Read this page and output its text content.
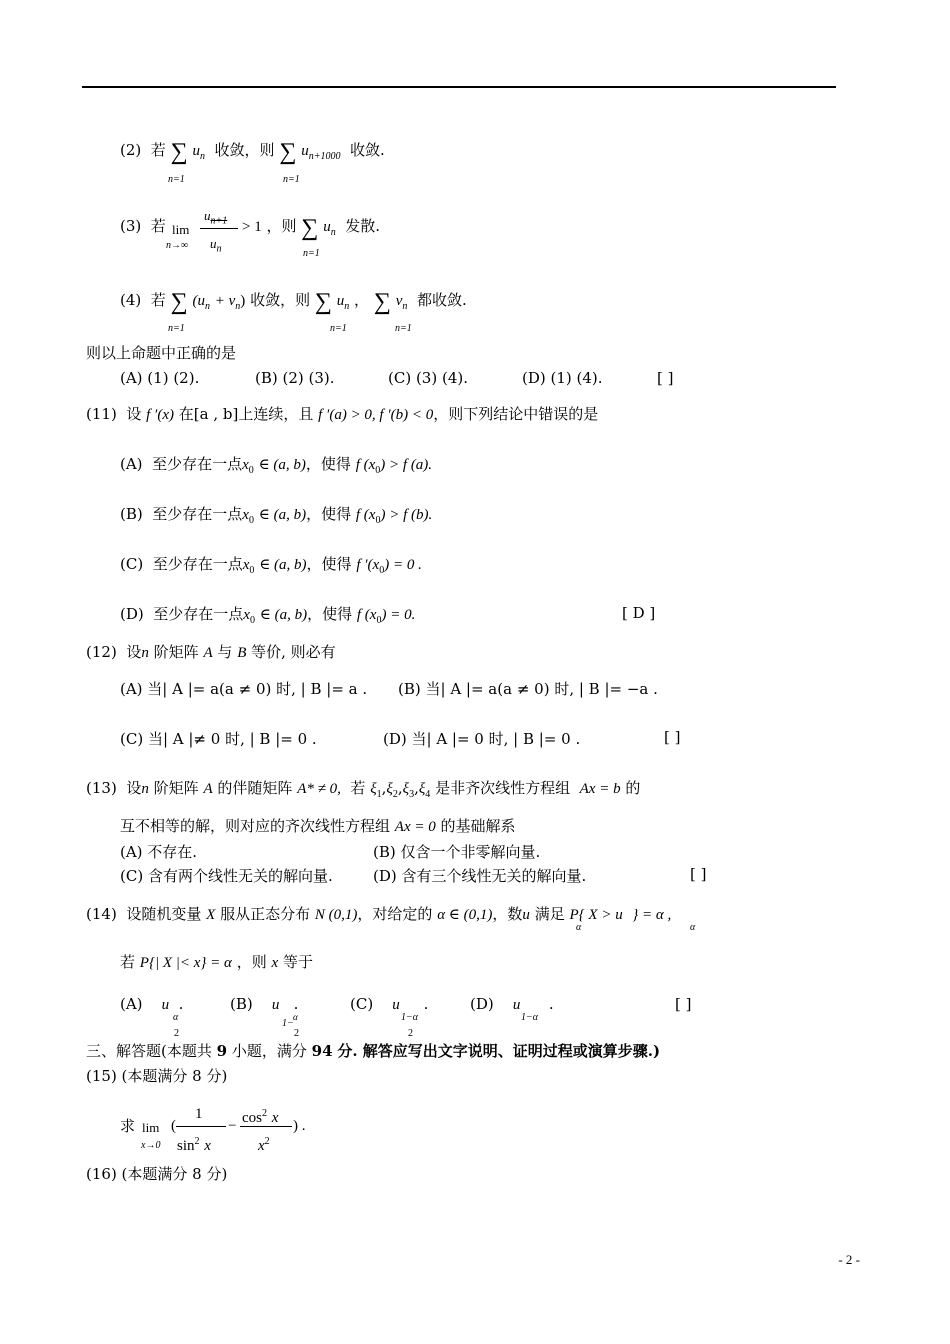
(2) 若 ∑ $u_n$ 收敛，则 ∑ $u_{n+1000}$ 收敛.
n=1	n=1
(3) 若 lim
n→∞
$u_{n+1}$
$u_n$
> 1 ，则 ∑ $u_n$ 发散.
n=1
(4) 若 ∑ $(u_n + v_n)$ 收敛，则 ∑ $u_n$ ， ∑ $v_n$ 都收敛.
n=1	n=1	n=1
则以上命题中正确的是
(A) (1) (2).	(B) (2) (3).	(C) (3) (4).	(D) (1) (4).	[ ]
(11) 设 f ′(x) 在[a , b]上连续，且 f ′(a) > 0, f ′(b) < 0，则下列结论中错误的是
(A) 至少存在一点$x_0$ ∈ (a, b)，使得 f $(x_0) > f$ (a).
(B) 至少存在一点$x_0$ ∈ (a, b)，使得 f $(x_0) > f$ (b).
(C) 至少存在一点$x_0$ ∈ (a, b)，使得 f $'(x_0) = 0$ .
(D) 至少存在一点$x_0$ ∈ (a, b)，使得 f $(x_0) = 0$.	[ D ]
(12) 设n 阶矩阵 A 与 B 等价, 则必有
(A) 当| A |= a(a ≠ 0) 时, | B |= a . (B) 当| A |= a(a ≠ 0) 时, | B |= −a .
(C) 当| A |≠ 0 时, | B |= 0 .	(D) 当| A |= 0 时, | B |= 0 .	[ ]
(13) 设n 阶矩阵 A 的伴随矩阵 A* ≠ 0, 若 $\xi_1,\xi_2,\xi_3,\xi_4$ 是非齐次线性方程组 Ax = b 的
互不相等的解，则对应的齐次线性方程组 Ax = 0 的基础解系
(A) 不存在.	(B) 仅含一个非零解向量.
(C) 含有两个线性无关的解向量.	(D) 含有三个线性无关的解向量.	[ ]
(14) 设随机变量 X 服从正态分布 N (0,1)，对给定的 α ∈ (0,1)，数u 满足 P{ X > u } = α ,
α	α
若 P{| X |< x} = α ，则 x 等于
(A) u .
α
2
(B) u .
1−
α
2
(C) u .
1−α
2
(D) u .
1−α
[ ]
三、解答题(本题共 9 小题，满分 94 分. 解答应写出文字说明、证明过程或演算步骤.)
(15) (本题满分 8 分)
求 lim
x→0
(
1
$\sin^2 x$
− $\cos^2 x$
$x^2$
) .
(16) (本题满分 8 分)
- 2 -
